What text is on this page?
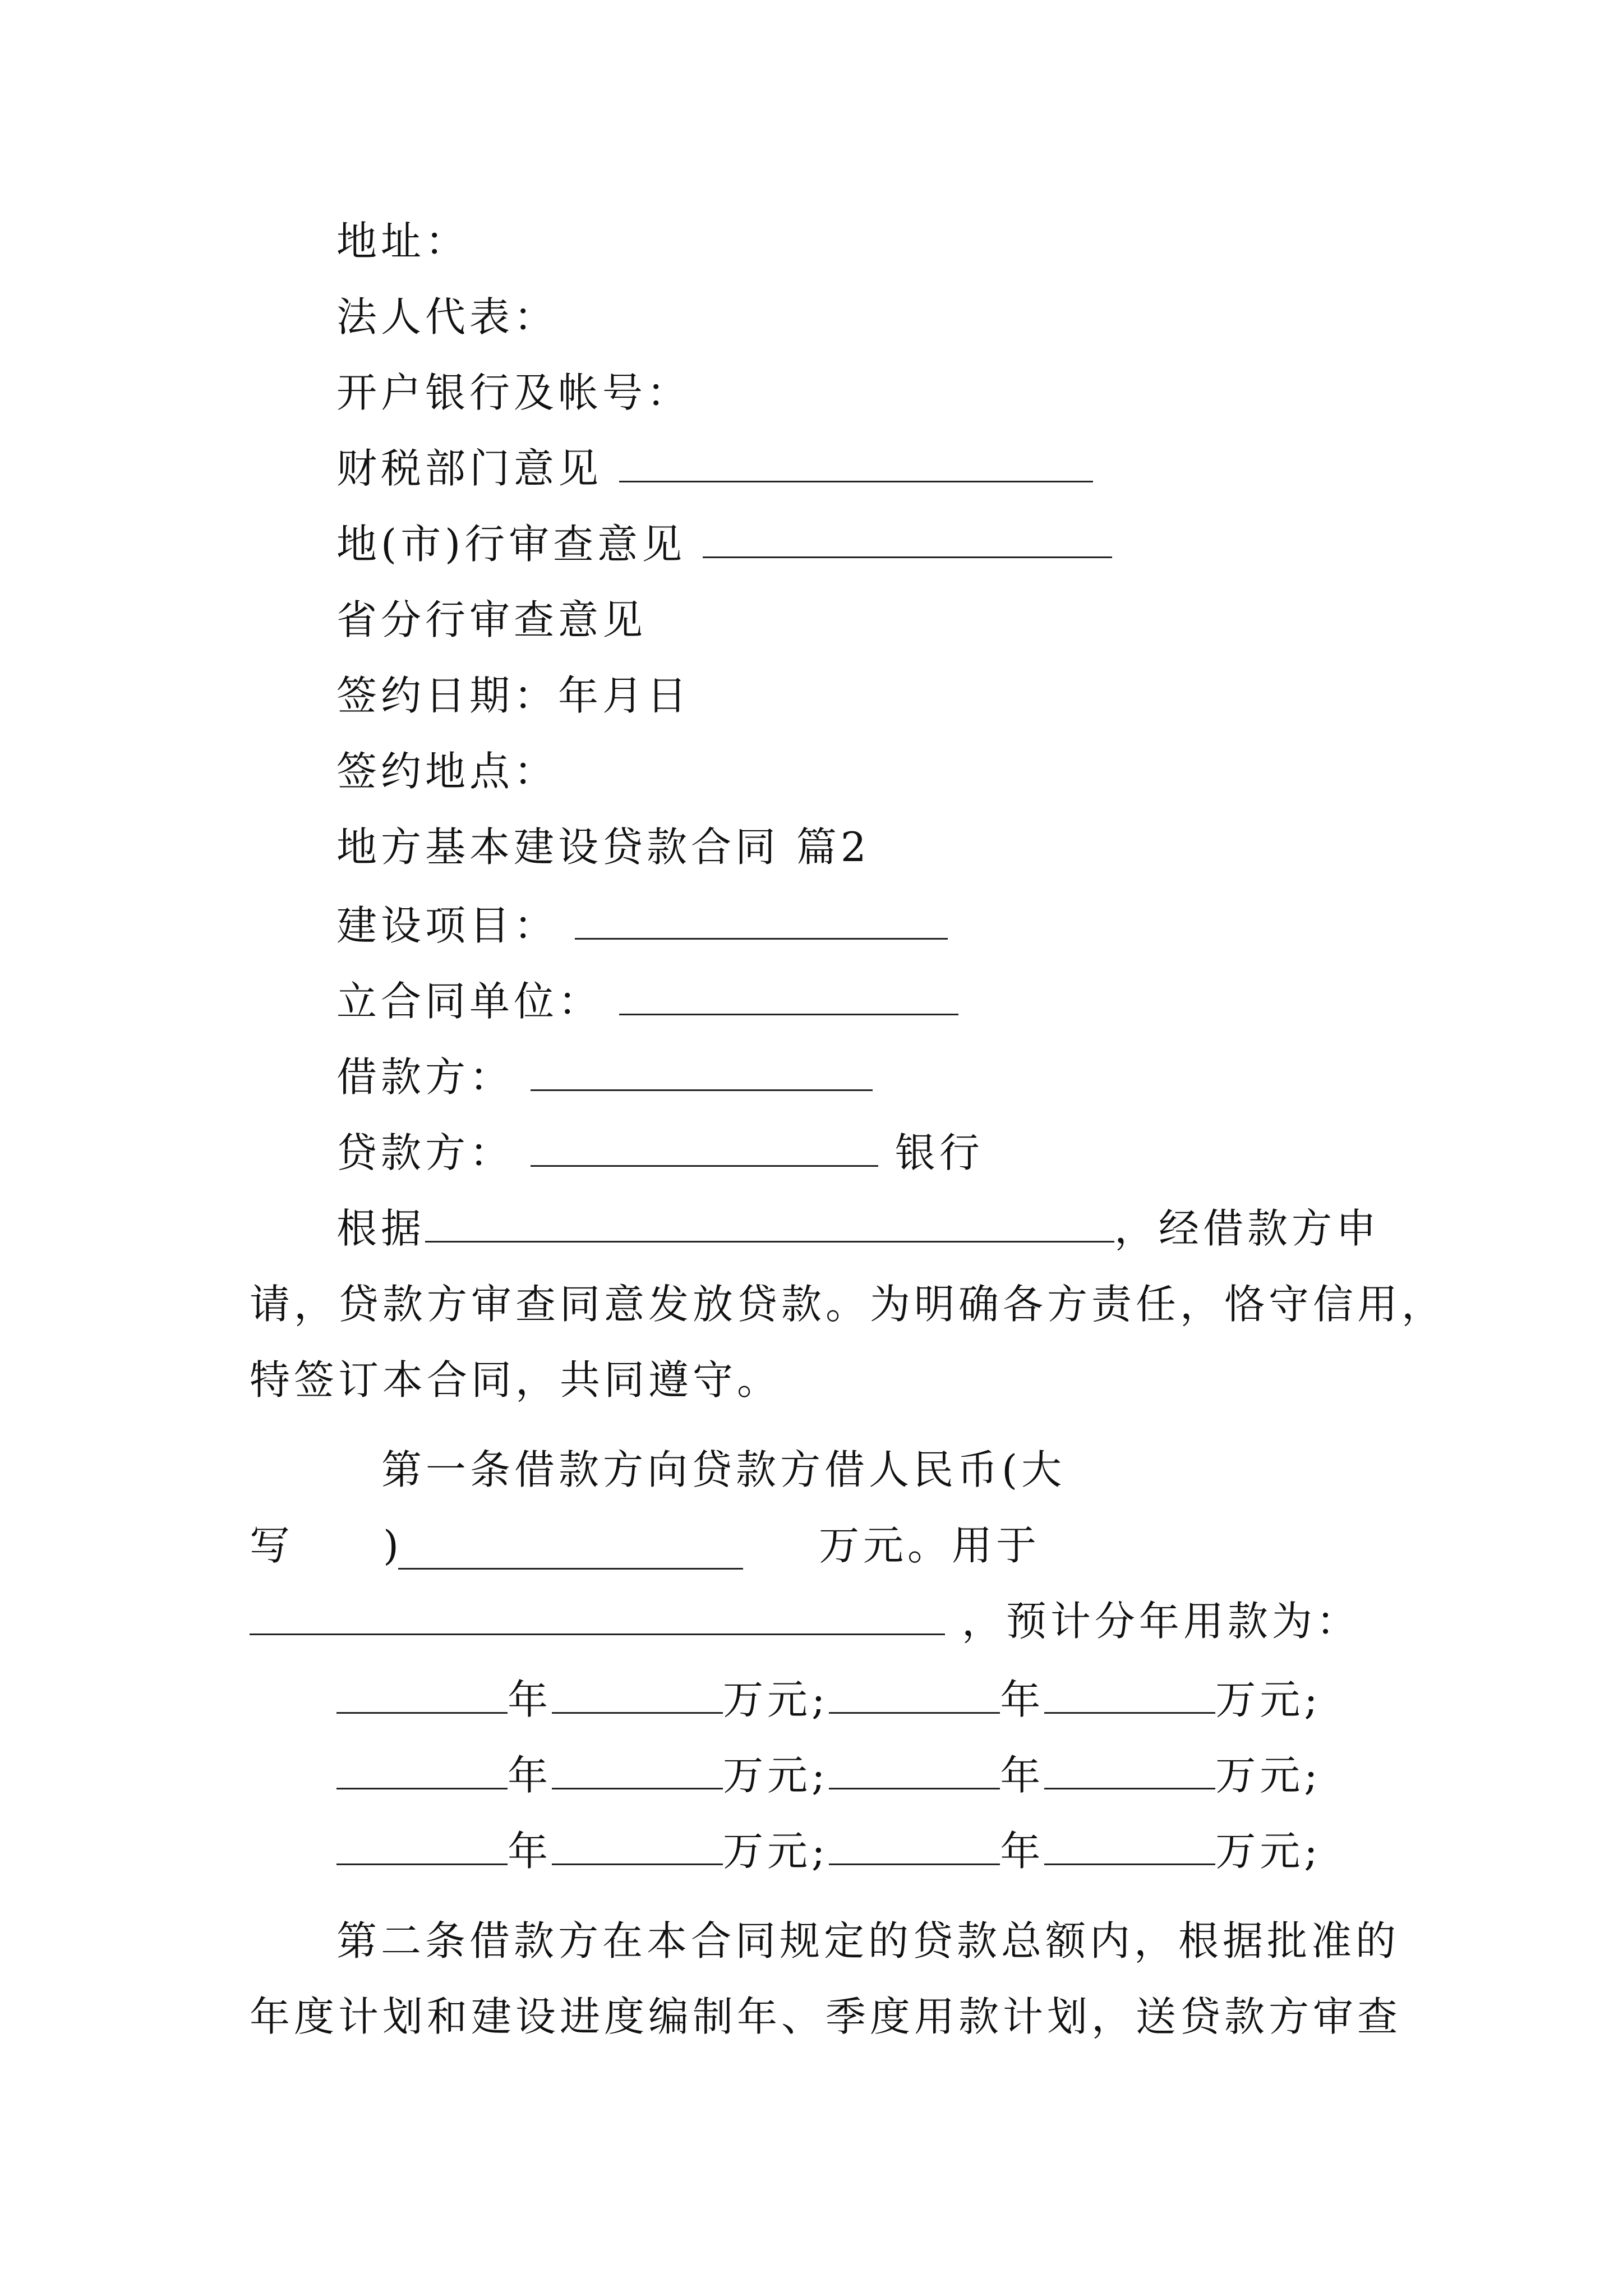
地址：
法人代表：
开户银行及帐号：
财税部门意见
地(市)行审查意见
省分行审查意见
签约日期：年月日
签约地点：
地方基本建设贷款合同 篇2
建设项目：
立合同单位：
借款方：
贷款方：	银行
根据	，经借款方申
请，贷款方审查同意发放贷款。为明确各方责任，恪守信用，
特签订本合同，共同遵守。
第一条借款方向贷款方借人民币(大
写 )	万元。用于
，预计分年用款为：
年	万元;	年	万元;
年	万元;	年	万元;
年	万元;	年	万元;
第二条借款方在本合同规定的贷款总额内，根据批准的
年度计划和建设进度编制年、季度用款计划，送贷款方审查
